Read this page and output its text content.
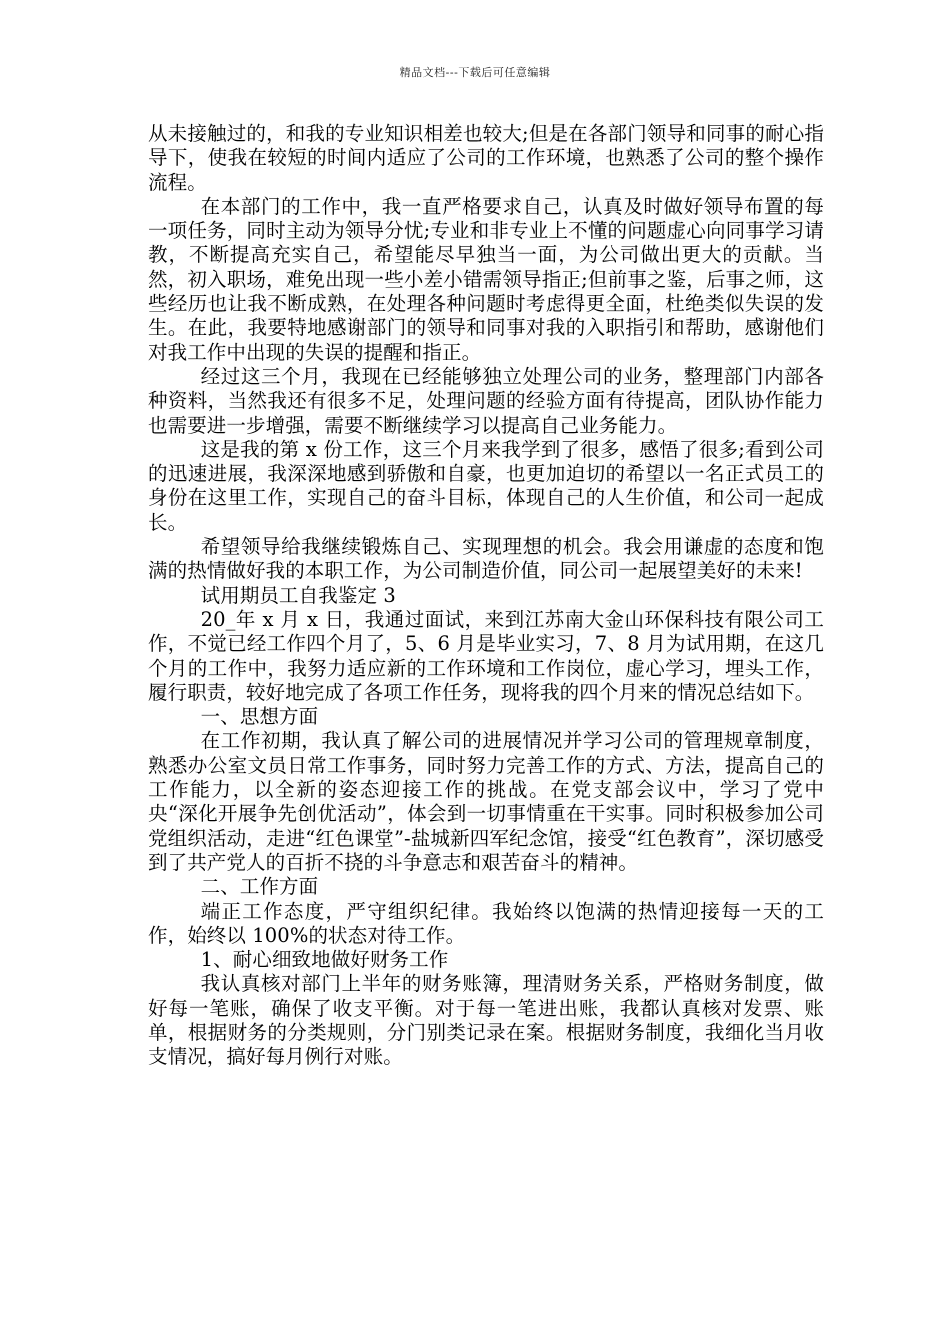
精品文档---下载后可任意编辑

从未接触过的，和我的专业知识相差也较大;但是在各部门领导和同事的耐心指导下，使我在较短的时间内适应了公司的工作环境，也熟悉了公司的整个操作流程。

在本部门的工作中，我一直严格要求自己，认真及时做好领导布置的每一项任务，同时主动为领导分忧;专业和非专业上不懂的问题虚心向同事学习请教，不断提高充实自己，希望能尽早独当一面，为公司做出更大的贡献。当然，初入职场，难免出现一些小差小错需领导指正;但前事之鉴，后事之师，这些经历也让我不断成熟，在处理各种问题时考虑得更全面，杜绝类似失误的发生。在此，我要特地感谢部门的领导和同事对我的入职指引和帮助，感谢他们对我工作中出现的失误的提醒和指正。

经过这三个月，我现在已经能够独立处理公司的业务，整理部门内部各种资料，当然我还有很多不足，处理问题的经验方面有待提高，团队协作能力也需要进一步增强，需要不断继续学习以提高自己业务能力。

这是我的第 x 份工作，这三个月来我学到了很多，感悟了很多;看到公司的迅速进展，我深深地感到骄傲和自豪，也更加迫切的希望以一名正式员工的身份在这里工作，实现自己的奋斗目标，体现自己的人生价值，和公司一起成长。

希望领导给我继续锻炼自己、实现理想的机会。我会用谦虚的态度和饱满的热情做好我的本职工作，为公司制造价值，同公司一起展望美好的未来!

试用期员工自我鉴定 3

20_年 x 月 x 日，我通过面试，来到江苏南大金山环保科技有限公司工作，不觉已经工作四个月了，5、6 月是毕业实习，7、8 月为试用期，在这几个月的工作中，我努力适应新的工作环境和工作岗位，虚心学习，埋头工作，履行职责，较好地完成了各项工作任务，现将我的四个月来的情况总结如下。

一、思想方面

在工作初期，我认真了解公司的进展情况并学习公司的管理规章制度，熟悉办公室文员日常工作事务，同时努力完善工作的方式、方法，提高自己的工作能力，以全新的姿态迎接工作的挑战。在党支部会议中，学习了党中央“深化开展争先创优活动”，体会到一切事情重在干实事。同时积极参加公司党组织活动，走进“红色课堂”-盐城新四军纪念馆，接受“红色教育”，深切感受到了共产党人的百折不挠的斗争意志和艰苦奋斗的精神。

二、工作方面

端正工作态度，严守组织纪律。我始终以饱满的热情迎接每一天的工作，始终以 100%的状态对待工作。

1、耐心细致地做好财务工作

我认真核对部门上半年的财务账簿，理清财务关系，严格财务制度，做好每一笔账，确保了收支平衡。对于每一笔进出账，我都认真核对发票、账单，根据财务的分类规则，分门别类记录在案。根据财务制度，我细化当月收支情况，搞好每月例行对账。
